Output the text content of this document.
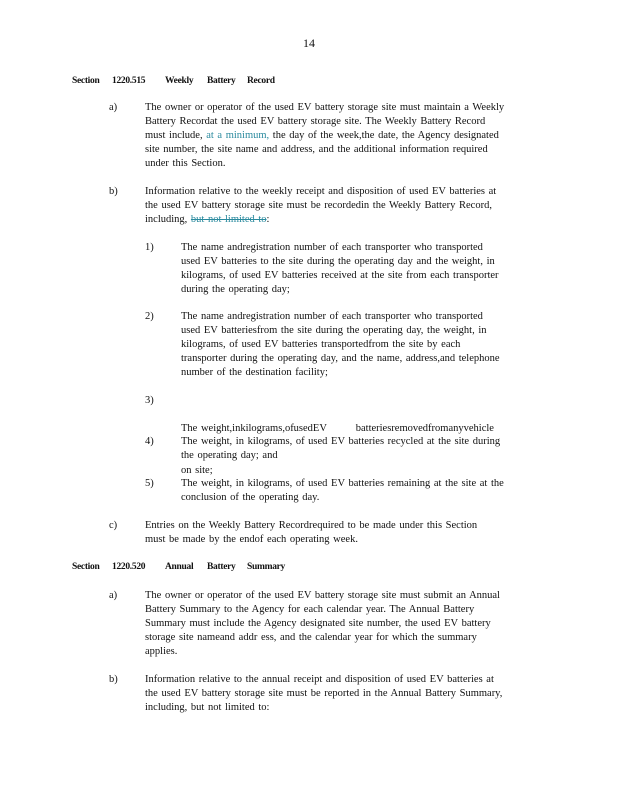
14
Section 1220.515 Weekly Battery Record
a)	The owner or operator of the used EV battery storage site must maintain a Weekly
Battery Recordat the used EV battery storage site. The Weekly Battery Record
must include, at a minimum, the day of the week,the date, the Agency designated
site number, the site name and address, and the additional information required
under this Section.
b)	Information relative to the weekly receipt and disposition of used EV batteries at
the used EV battery storage site must be recordedin the Weekly Battery Record,
including, but not limited to:
1)	The name andregistration number of each transporter who transported
used EV batteries to the site during the operating day and the weight, in
kilograms, of used EV batteries received at the site from each transporter
during the operating day;
2)	The name andregistration number of each transporter who transported
used EV batteriesfrom the site during the operating day, the weight, in
kilograms, of used EV batteries transportedfrom the site by each
transporter during the operating day, and the name, address,and telephone
number of the destination facility;
3)

The weight,inkilograms,ofusedEV        batteriesremovedfromanyvehicle

on site;

4)	The weight, in kilograms, of used EV batteries recycled at the site during
the operating day; and
5)	The weight, in kilograms, of used EV batteries remaining at the site at the
conclusion of the operating day.
c)	Entries on the Weekly Battery Recordrequired to be made under this Section
must be made by the endof each operating week.
Section 1220.520 Annual Battery Summary
a)	The owner or operator of the used EV battery storage site must submit an Annual
Battery Summary to the Agency for each calendar year. The Annual Battery
Summary must include the Agency designated site number, the used EV battery
storage site nameand addr ess, and the calendar year for which the summary
applies.
b)	Information relative to the annual receipt and disposition of used EV batteries at
the used EV battery storage site must be reported in the Annual Battery Summary,
including, but not limited to:
